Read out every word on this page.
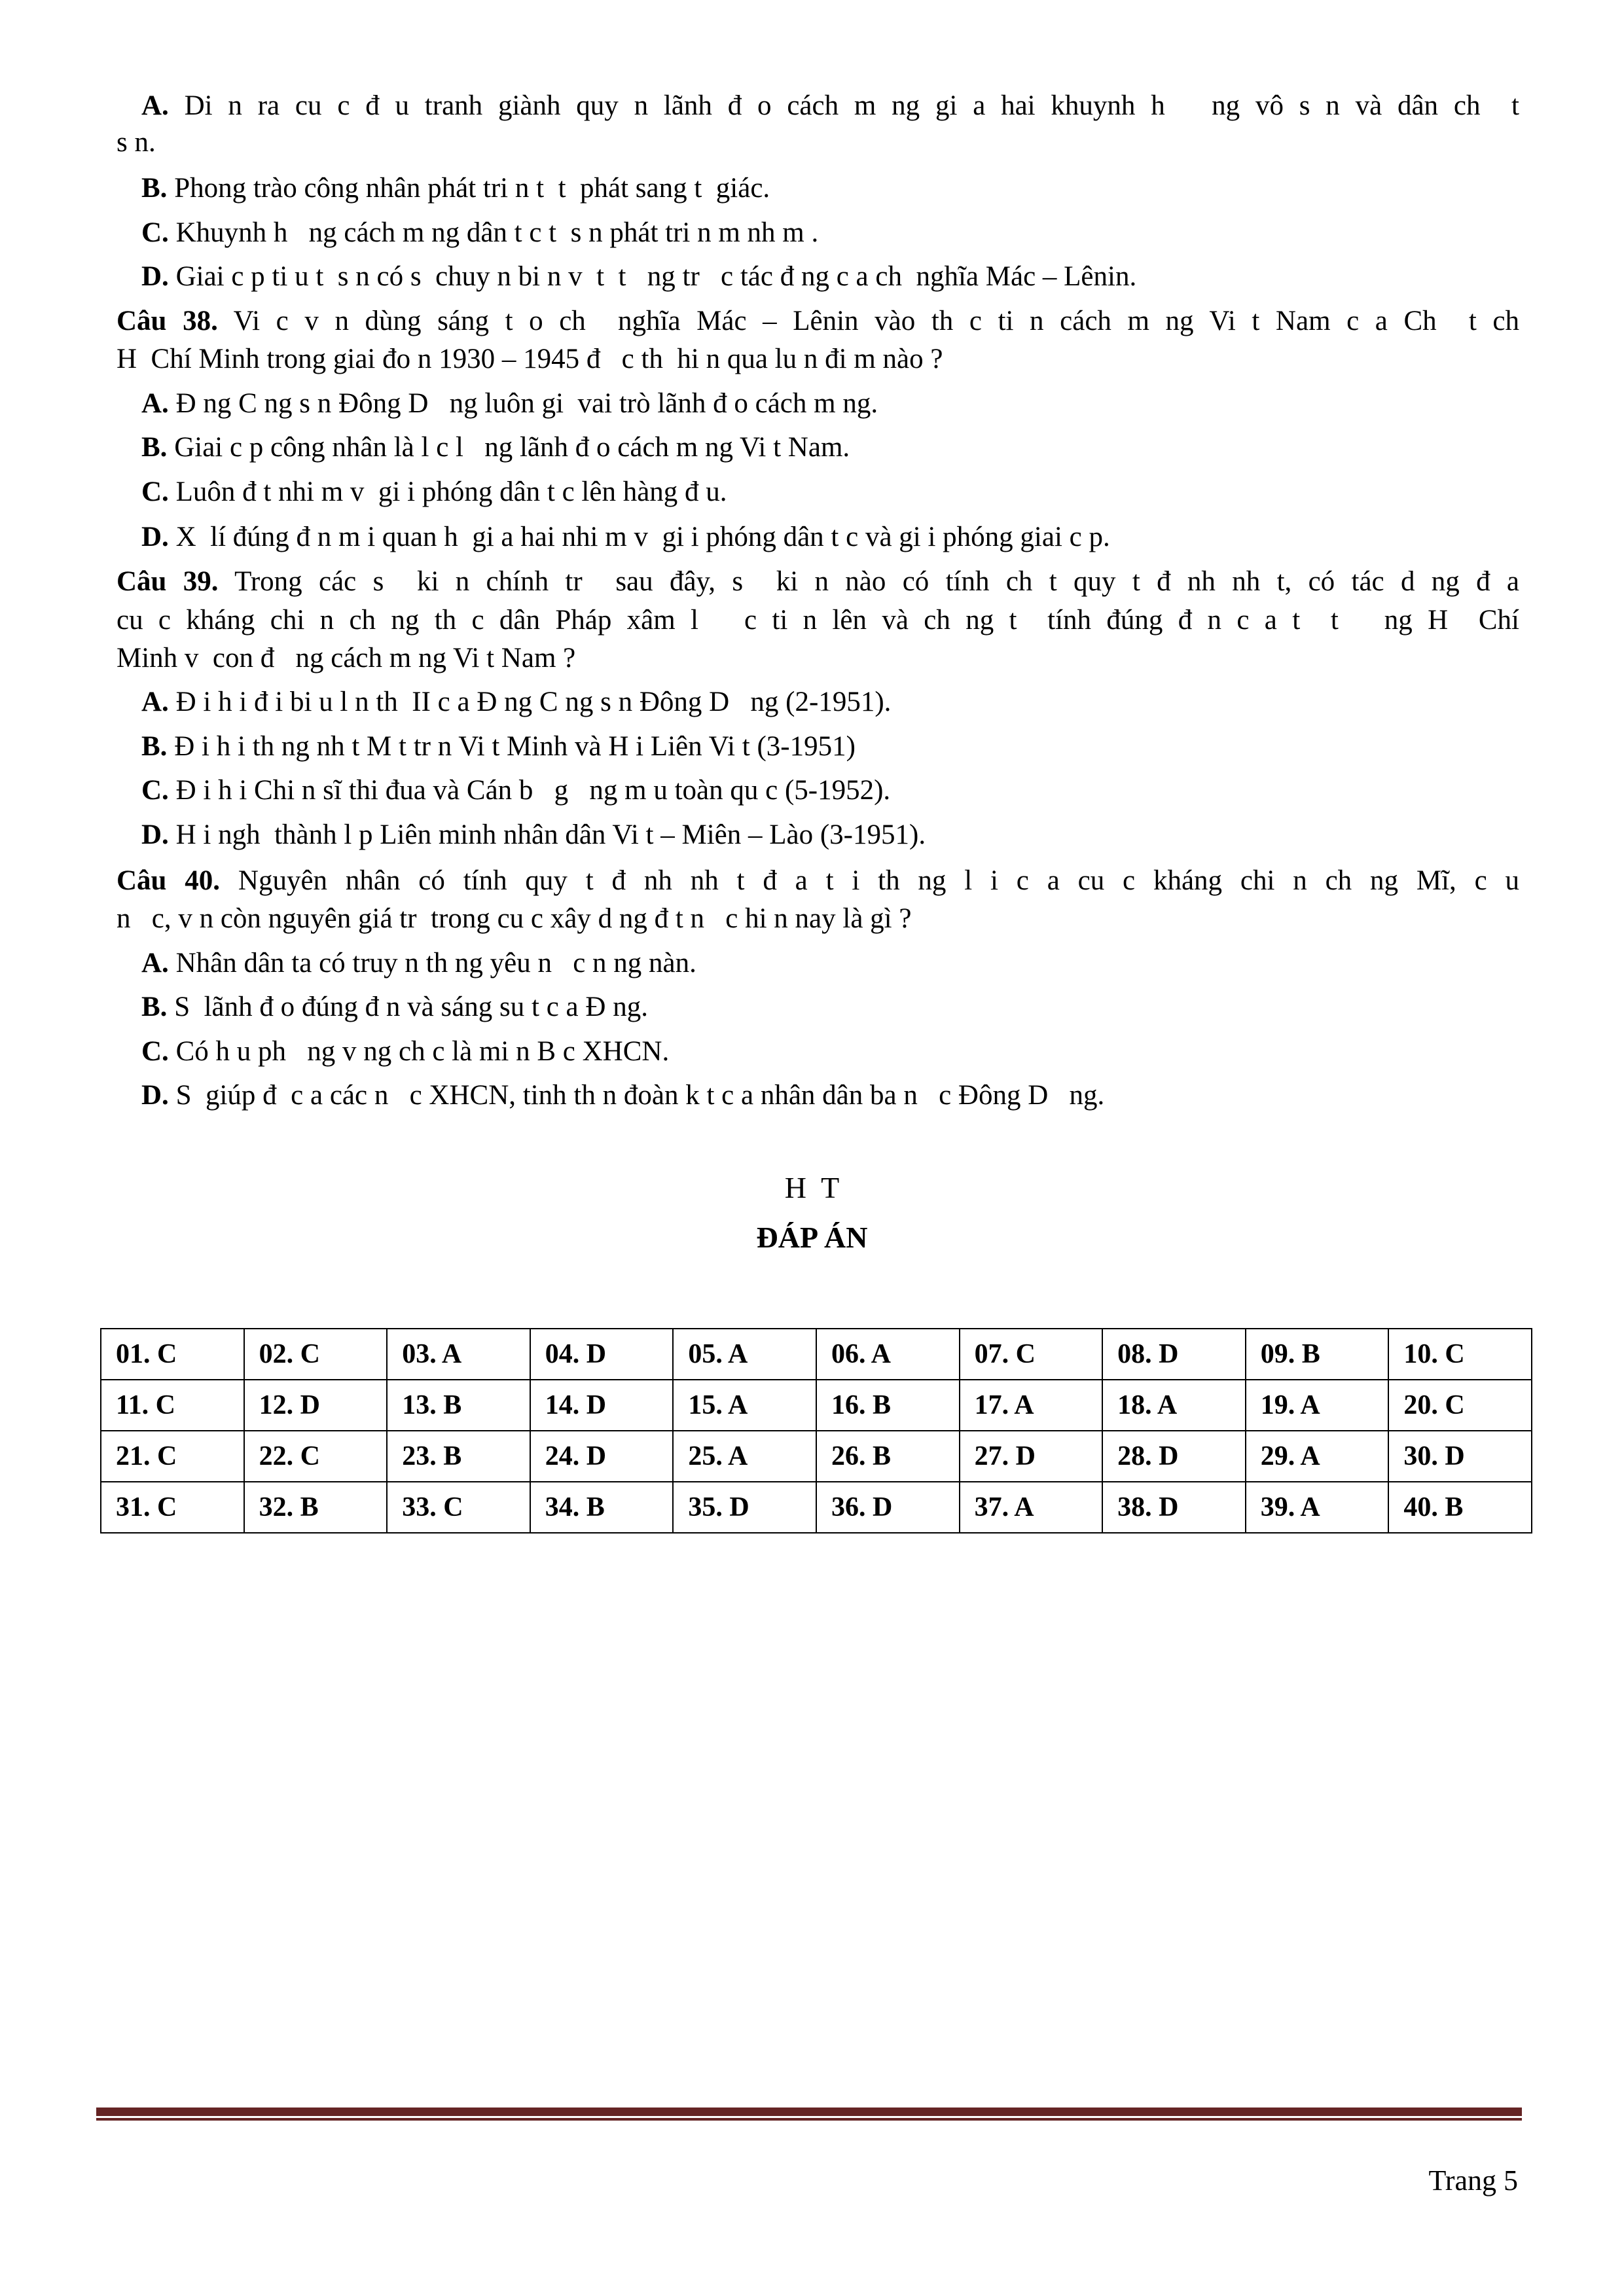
A. Di n ra cu c đ u tranh giành quy n lãnh đ o cách m ng gi a hai khuynh h   ng vô s n và dân ch  t
s n.
B. Phong trào công nhân phát tri n t  t  phát sang t  giác.
C. Khuynh h   ng cách m ng dân t c t  s n phát tri n m nh m .
D. Giai c p ti u t  s n có s  chuy n bi n v  t  t   ng tr   c tác đ ng c a ch  nghĩa Mác – Lênin.
Câu 38. Vi c v n dùng sáng t o ch  nghĩa Mác – Lênin vào th c ti n cách m ng Vi t Nam c a Ch  t ch
H  Chí Minh trong giai đo n 1930 – 1945 đ   c th  hi n qua lu n đi m nào ?
A. Đ ng C ng s n Đông D   ng luôn gi  vai trò lãnh đ o cách m ng.
B. Giai c p công nhân là l c l   ng lãnh đ o cách m ng Vi t Nam.
C. Luôn đ t nhi m v  gi i phóng dân t c lên hàng đ u.
D. X  lí đúng đ n m i quan h  gi a hai nhi m v  gi i phóng dân t c và gi i phóng giai c p.
Câu 39. Trong các s  ki n chính tr  sau đây, s  ki n nào có tính ch t quy t đ nh nh t, có tác d ng đ a
cu c kháng chi n ch ng th c dân Pháp xâm l   c ti n lên và ch ng t  tính đúng đ n c a t  t   ng H  Chí
Minh v  con đ   ng cách m ng Vi t Nam ?
A. Đ i h i đ i bi u l n th  II c a Đ ng C ng s n Đông D   ng (2-1951).
B. Đ i h i th ng nh t M t tr n Vi t Minh và H i Liên Vi t (3-1951)
C. Đ i h i Chi n sĩ thi đua và Cán b   g   ng m u toàn qu c (5-1952).
D. H i ngh  thành l p Liên minh nhân dân Vi t – Miên – Lào (3-1951).
Câu 40. Nguyên nhân có tính quy t đ nh nh t đ a t i th ng l i c a cu c kháng chi n ch ng Mĩ, c u
n   c, v n còn nguyên giá tr  trong cu c xây d ng đ t n   c hi n nay là gì ?
A. Nhân dân ta có truy n th ng yêu n   c n ng nàn.
B. S  lãnh đ o đúng đ n và sáng su t c a Đ ng.
C. Có h u ph   ng v ng ch c là mi n B c XHCN.
D. S  giúp đ  c a các n   c XHCN, tinh th n đoàn k t c a nhân dân ba n   c Đông D   ng.
H  T
ĐÁP ÁN
01. C	02. C	03. A	04. D	05. A	06. A	07. C	08. D	09. B	10. C
11. C	12. D	13. B	14. D	15. A	16. B	17. A	18. A	19. A	20. C
21. C	22. C	23. B	24. D	25. A	26. B	27. D	28. D	29. A	30. D
31. C	32. B	33. C	34. B	35. D	36. D	37. A	38. D	39. A	40. B
Trang 5
